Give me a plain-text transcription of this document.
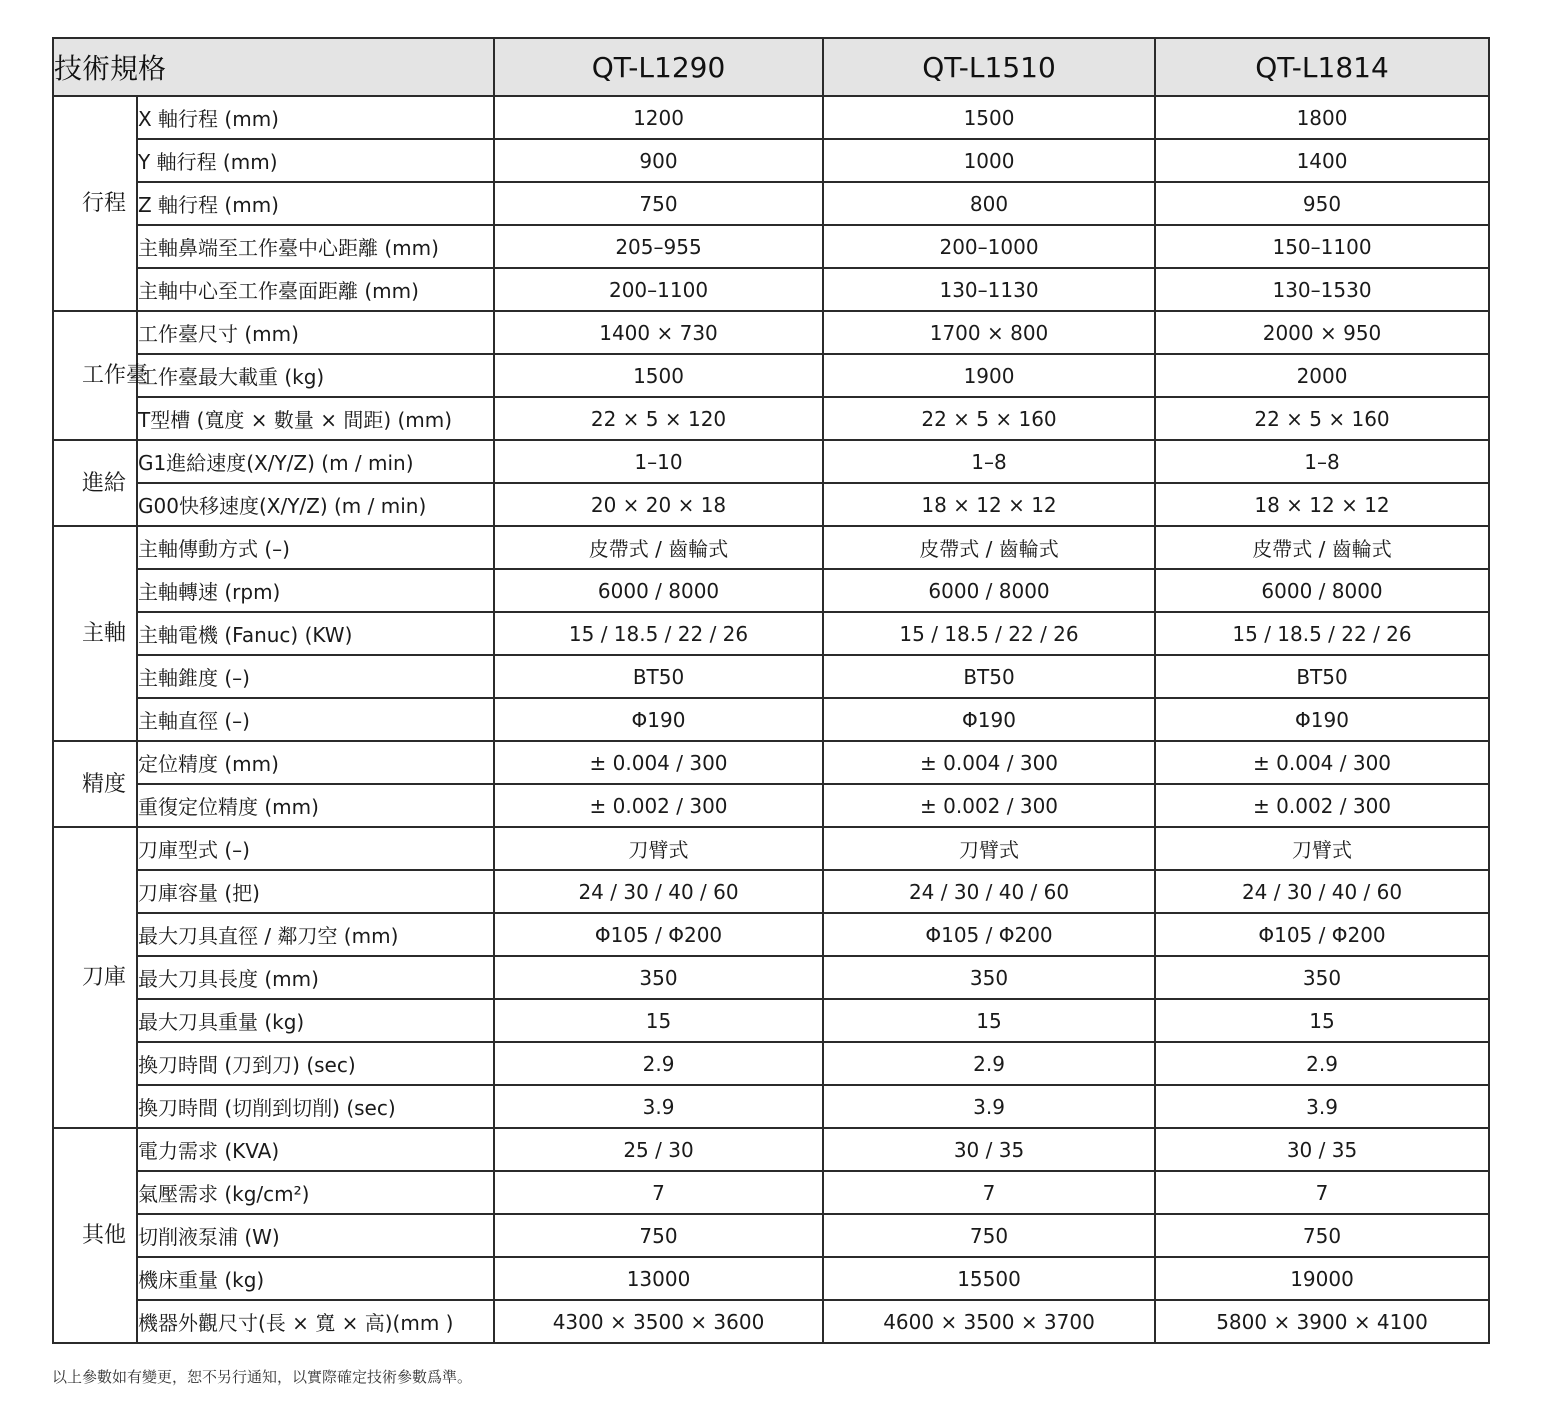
技術規格		QT-L1290	QT-L1510	QT-L1814
行程	X 軸行程 (mm)	1200	1500	1800
	Y 軸行程 (mm)	900	1000	1400
	Z 軸行程 (mm)	750	800	950
	主軸鼻端至工作臺中心距離 (mm)	205–955	200–1000	150–1100
	主軸中心至工作臺面距離 (mm)	200–1100	130–1130	130–1530
工作臺	工作臺尺寸 (mm)	1400 × 730	1700 × 800	2000 × 950
	工作臺最大載重 (kg)	1500	1900	2000
	T型槽 (寬度 × 數量 × 間距) (mm)	22 × 5 × 120	22 × 5 × 160	22 × 5 × 160
進給	G1進給速度(X/Y/Z) (m / min)	1–10	1–8	1–8
	G00快移速度(X/Y/Z) (m / min)	20 × 20 × 18	18 × 12 × 12	18 × 12 × 12
主軸	主軸傳動方式 (–)	皮帶式 / 齒輪式	皮帶式 / 齒輪式	皮帶式 / 齒輪式
	主軸轉速 (rpm)	6000 / 8000	6000 / 8000	6000 / 8000
	主軸電機 (Fanuc) (KW)	15 / 18.5 / 22 / 26	15 / 18.5 / 22 / 26	15 / 18.5 / 22 / 26
	主軸錐度 (–)	BT50	BT50	BT50
	主軸直徑 (–)	Φ190	Φ190	Φ190
精度	定位精度 (mm)	± 0.004 / 300	± 0.004 / 300	± 0.004 / 300
	重復定位精度 (mm)	± 0.002 / 300	± 0.002 / 300	± 0.002 / 300
刀庫	刀庫型式 (–)	刀臂式	刀臂式	刀臂式
	刀庫容量 (把)	24 / 30 / 40 / 60	24 / 30 / 40 / 60	24 / 30 / 40 / 60
	最大刀具直徑 / 鄰刀空 (mm)	Φ105 / Φ200	Φ105 / Φ200	Φ105 / Φ200
	最大刀具長度 (mm)	350	350	350
	最大刀具重量 (kg)	15	15	15
	換刀時間 (刀到刀) (sec)	2.9	2.9	2.9
	換刀時間 (切削到切削) (sec)	3.9	3.9	3.9
其他	電力需求 (KVA)	25 / 30	30 / 35	30 / 35
	氣壓需求 (kg/cm²)	7	7	7
	切削液泵浦 (W)	750	750	750
	機床重量 (kg)	13000	15500	19000
	機器外觀尺寸(長 × 寬 × 高)(mm )	4300 × 3500 × 3600	4600 × 3500 × 3700	5800 × 3900 × 4100
以上參數如有變更，恕不另行通知，以實際確定技術參數爲準。
